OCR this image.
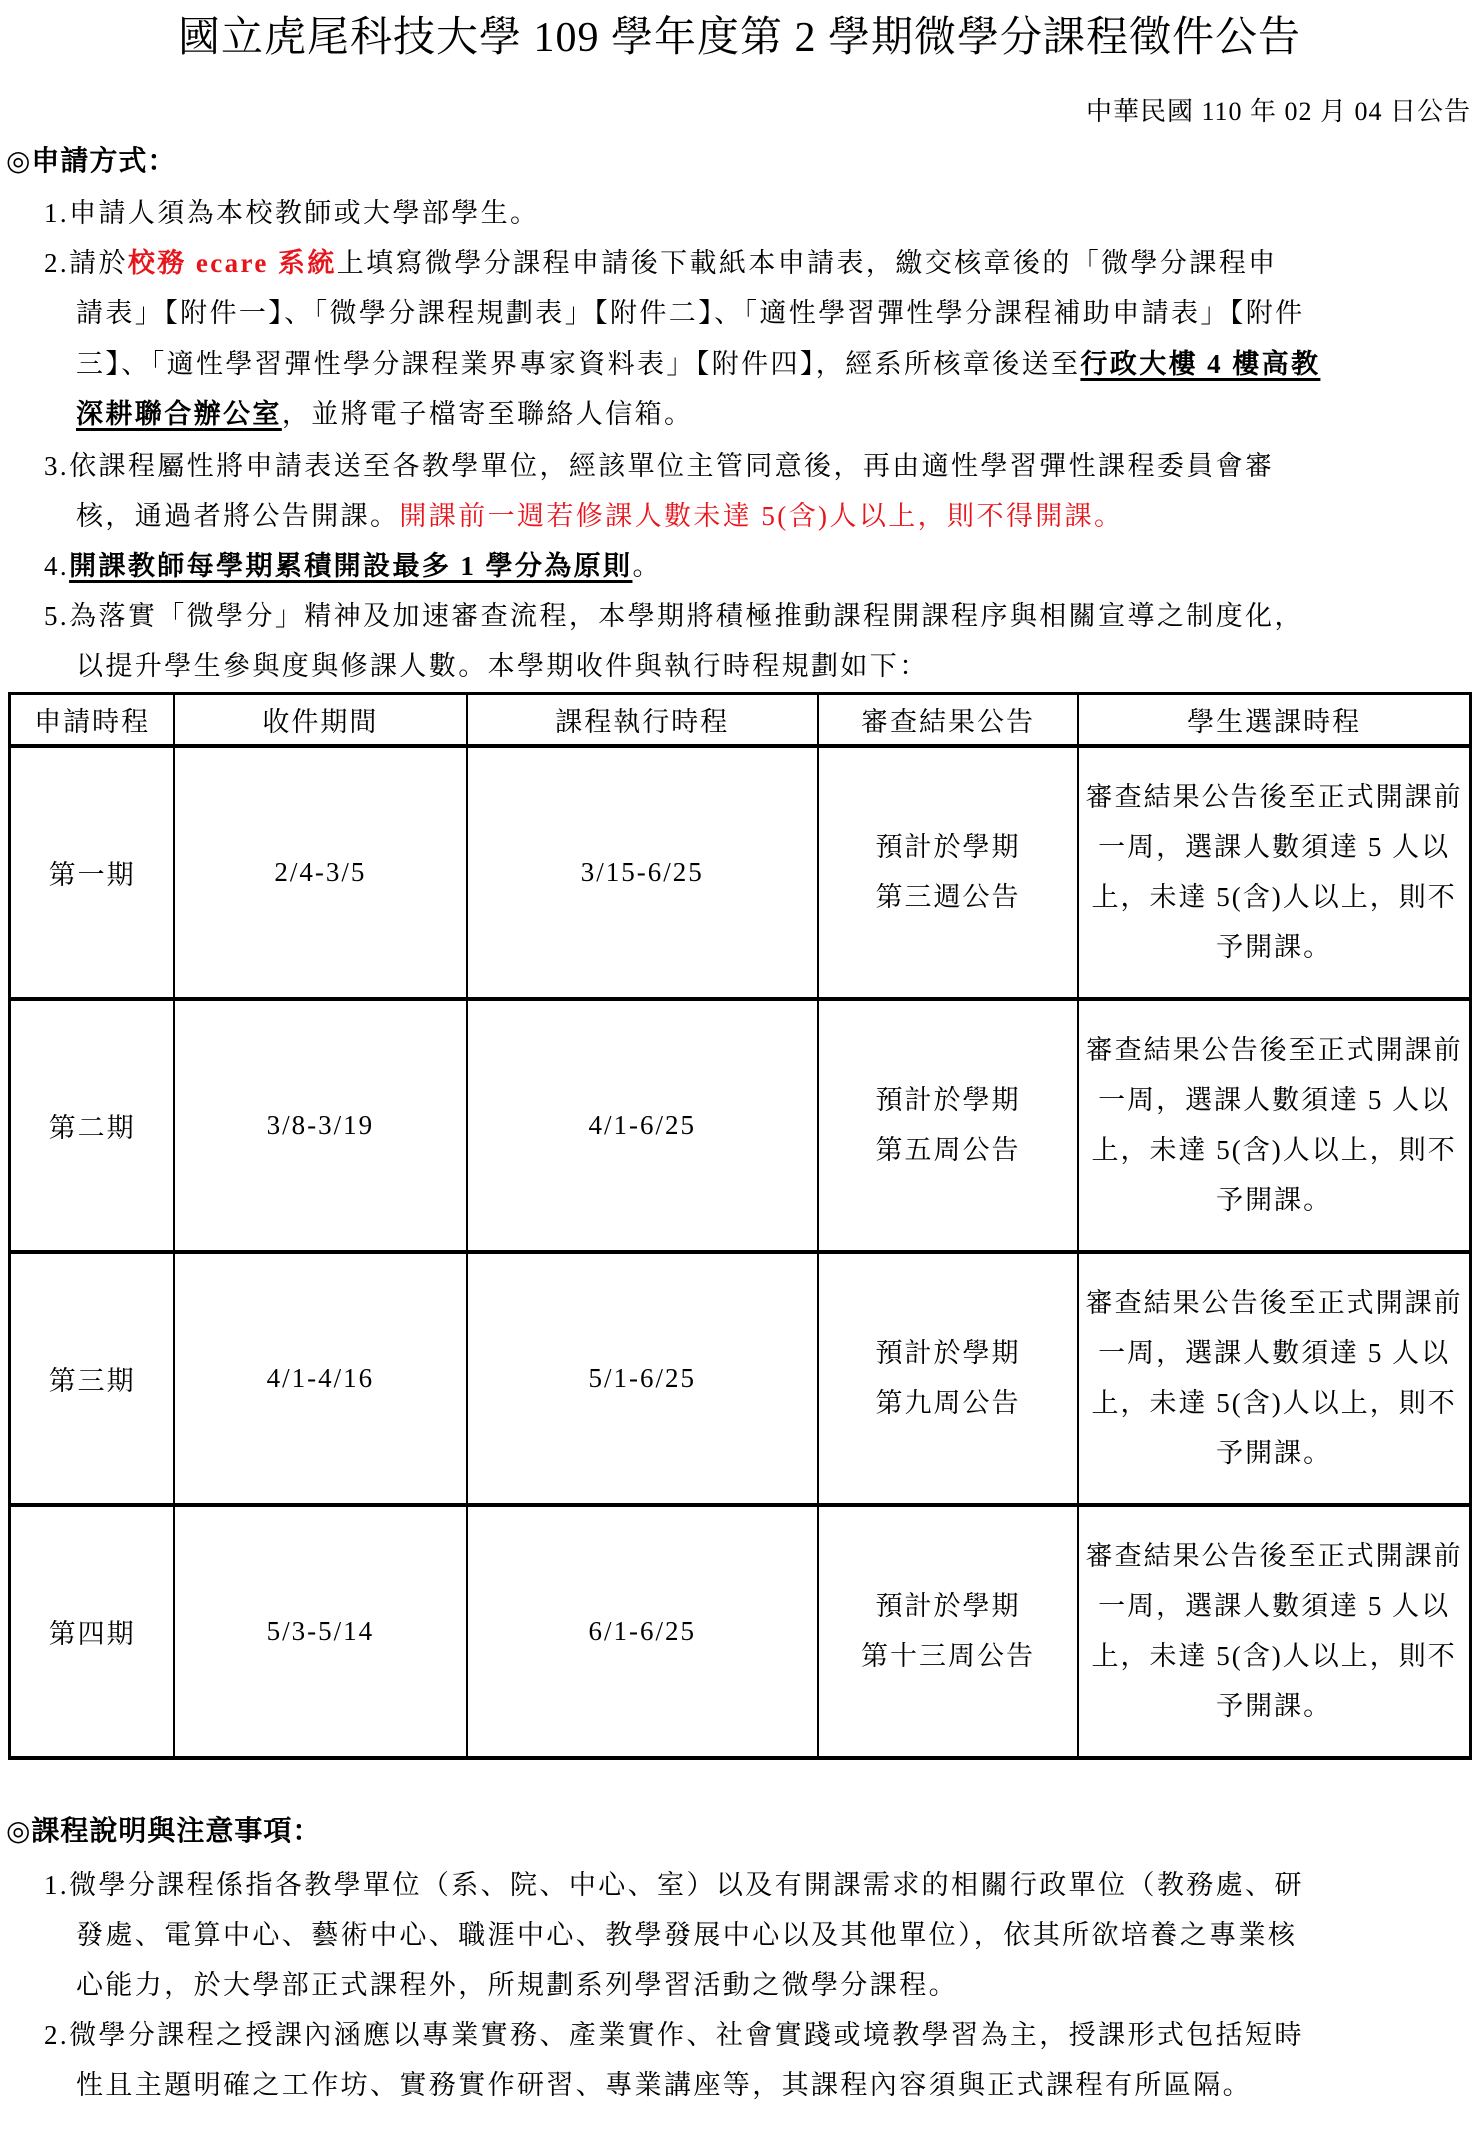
國立虎尾科技大學 109 學年度第 2 學期微學分課程徵件公告
中華民國 110 年 02 月 04 日公告
◎申請方式：
1.申請人須為本校教師或大學部學生。
2.請於校務 ecare 系統上填寫微學分課程申請後下載紙本申請表，繳交核章後的「微學分課程申
請表」【附件一】、「微學分課程規劃表」【附件二】、「適性學習彈性學分課程補助申請表」【附件
三】、「適性學習彈性學分課程業界專家資料表」【附件四】，經系所核章後送至行政大樓 4 樓高教
深耕聯合辦公室，並將電子檔寄至聯絡人信箱。
3.依課程屬性將申請表送至各教學單位，經該單位主管同意後，再由適性學習彈性課程委員會審
核，通過者將公告開課。開課前一週若修課人數未達 5(含)人以上，則不得開課。
4.開課教師每學期累積開設最多 1 學分為原則。
5.為落實「微學分」精神及加速審查流程，本學期將積極推動課程開課程序與相關宣導之制度化，
以提升學生參與度與修課人數。本學期收件與執行時程規劃如下：
申請時程	收件期間	課程執行時程	審查結果公告	學生選課時程
第一期	2/4-3/5	3/15-6/25	預計於學期
第三週公告	審查結果公告後至正式開課前一周，選課人數須達 5 人以上，未達 5(含)人以上，則不予開課。
第二期	3/8-3/19	4/1-6/25	預計於學期
第五周公告	審查結果公告後至正式開課前一周，選課人數須達 5 人以上，未達 5(含)人以上，則不予開課。
第三期	4/1-4/16	5/1-6/25	預計於學期
第九周公告	審查結果公告後至正式開課前一周，選課人數須達 5 人以上，未達 5(含)人以上，則不予開課。
第四期	5/3-5/14	6/1-6/25	預計於學期
第十三周公告	審查結果公告後至正式開課前一周，選課人數須達 5 人以上，未達 5(含)人以上，則不予開課。
◎課程說明與注意事項：
1.微學分課程係指各教學單位（系、院、中心、室）以及有開課需求的相關行政單位（教務處、研
發處、電算中心、藝術中心、職涯中心、教學發展中心以及其他單位），依其所欲培養之專業核
心能力，於大學部正式課程外，所規劃系列學習活動之微學分課程。
2.微學分課程之授課內涵應以專業實務、產業實作、社會實踐或境教學習為主，授課形式包括短時
性且主題明確之工作坊、實務實作研習、專業講座等，其課程內容須與正式課程有所區隔。
